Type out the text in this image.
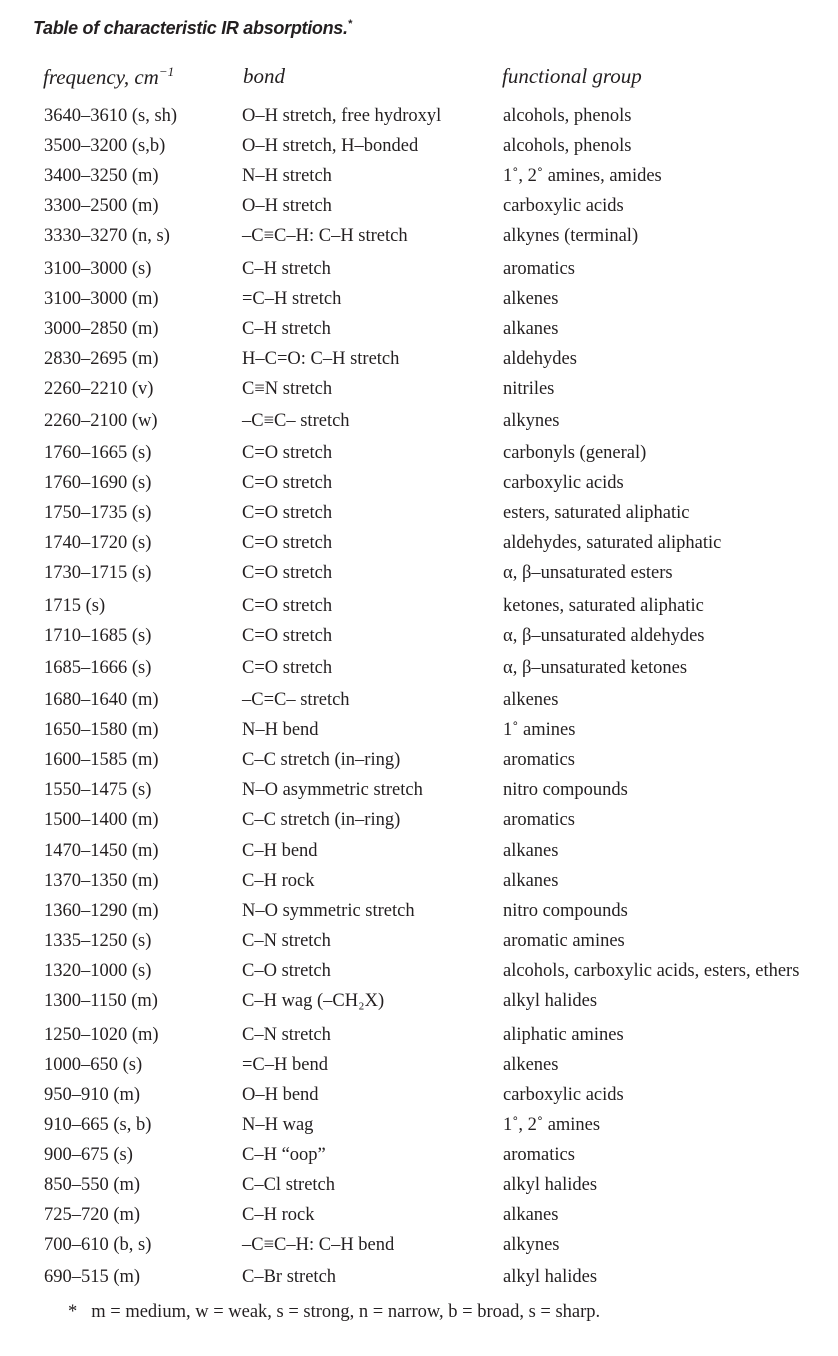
Table of characteristic IR absorptions.*
frequency, $cm^{-1}$	bond	functional group
3640–3610 (s, sh)	O–H stretch, free hydroxyl	alcohols, phenols
3500–3200 (s,b)	O–H stretch, H–bonded	alcohols, phenols
3400–3250 (m)	N–H stretch	1˚, 2˚ amines, amides
3300–2500 (m)	O–H stretch	carboxylic acids
3330–3270 (n, s)	–C≡C–H: C–H stretch	alkynes (terminal)
3100–3000 (s)	C–H stretch	aromatics
3100–3000 (m)	=C–H stretch	alkenes
3000–2850 (m)	C–H stretch	alkanes
2830–2695 (m)	H–C=O: C–H stretch	aldehydes
2260–2210 (v)	C≡N stretch	nitriles
2260–2100 (w)	–C≡C– stretch	alkynes
1760–1665 (s)	C=O stretch	carbonyls (general)
1760–1690 (s)	C=O stretch	carboxylic acids
1750–1735 (s)	C=O stretch	esters, saturated aliphatic
1740–1720 (s)	C=O stretch	aldehydes, saturated aliphatic
1730–1715 (s)	C=O stretch	α, β–unsaturated esters
1715 (s)	C=O stretch	ketones, saturated aliphatic
1710–1685 (s)	C=O stretch	α, β–unsaturated aldehydes
1685–1666 (s)	C=O stretch	α, β–unsaturated ketones
1680–1640 (m)	–C=C– stretch	alkenes
1650–1580 (m)	N–H bend	1˚ amines
1600–1585 (m)	C–C stretch (in–ring)	aromatics
1550–1475 (s)	N–O asymmetric stretch	nitro compounds
1500–1400 (m)	C–C stretch (in–ring)	aromatics
1470–1450 (m)	C–H bend	alkanes
1370–1350 (m)	C–H rock	alkanes
1360–1290 (m)	N–O symmetric stretch	nitro compounds
1335–1250 (s)	C–N stretch	aromatic amines
1320–1000 (s)	C–O stretch	alcohols, carboxylic acids, esters, ethers
1300–1150 (m)	C–H wag (–CH₂X)	alkyl halides
1250–1020 (m)	C–N stretch	aliphatic amines
1000–650 (s)	=C–H bend	alkenes
950–910 (m)	O–H bend	carboxylic acids
910–665 (s, b)	N–H wag	1˚, 2˚ amines
900–675 (s)	C–H “oop”	aromatics
850–550 (m)	C–Cl stretch	alkyl halides
725–720 (m)	C–H rock	alkanes
700–610 (b, s)	–C≡C–H: C–H bend	alkynes
690–515 (m)	C–Br stretch	alkyl halides
* m = medium, w = weak, s = strong, n = narrow, b = broad, s = sharp.
